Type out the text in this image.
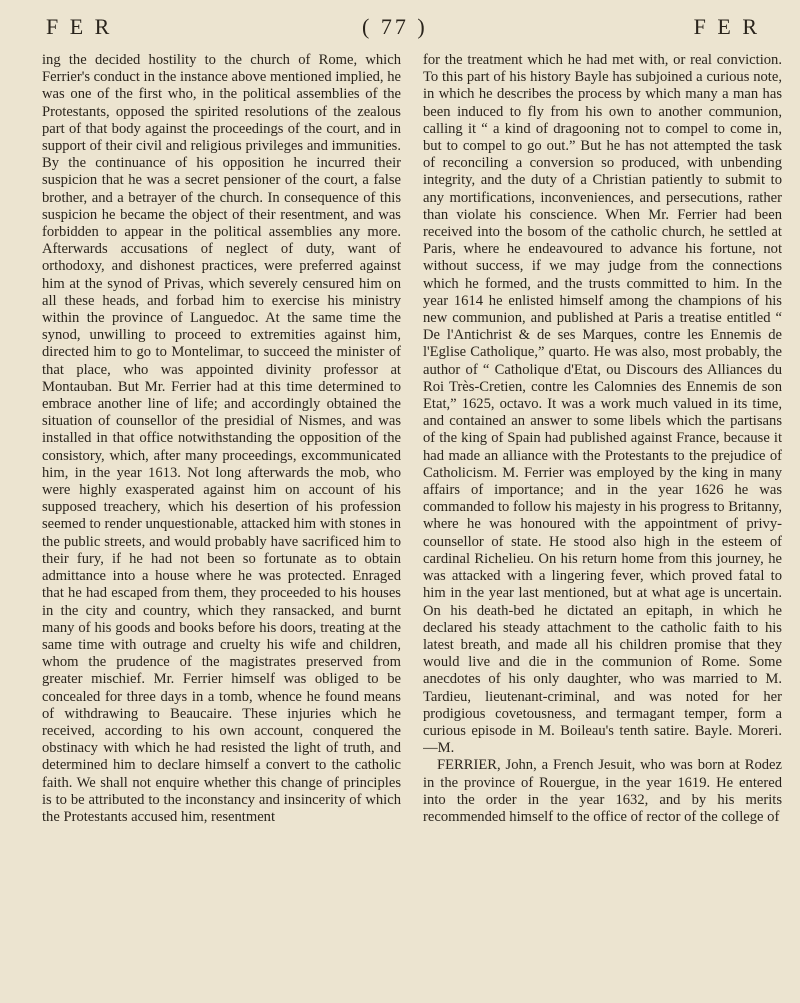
F E R	( 77 )	F E R

ing the decided hostility to the church of Rome, which Ferrier's conduct in the instance above mentioned implied, he was one of the first who, in the political assemblies of the Protestants, opposed the spirited resolutions of the zealous part of that body against the proceedings of the court, and in support of their civil and religious privileges and immunities. By the continuance of his opposition he incurred their suspicion that he was a secret pensioner of the court, a false brother, and a betrayer of the church. In consequence of this suspicion he became the object of their resentment, and was forbidden to appear in the political assemblies any more. Afterwards accusations of neglect of duty, want of orthodoxy, and dishonest practices, were preferred against him at the synod of Privas, which severely censured him on all these heads, and forbad him to exercise his ministry within the province of Languedoc. At the same time the synod, unwilling to proceed to extremities against him, directed him to go to Montelimar, to succeed the minister of that place, who was appointed divinity professor at Montauban. But Mr. Ferrier had at this time determined to embrace another line of life; and accordingly obtained the situation of counsellor of the presidial of Nismes, and was installed in that office notwithstanding the opposition of the consistory, which, after many proceedings, excommunicated him, in the year 1613. Not long afterwards the mob, who were highly exasperated against him on account of his supposed treachery, which his desertion of his profession seemed to render unquestionable, attacked him with stones in the public streets, and would probably have sacrificed him to their fury, if he had not been so fortunate as to obtain admittance into a house where he was protected. Enraged that he had escaped from them, they proceeded to his houses in the city and country, which they ransacked, and burnt many of his goods and books before his doors, treating at the same time with outrage and cruelty his wife and children, whom the prudence of the magistrates preserved from greater mischief. Mr. Ferrier himself was obliged to be concealed for three days in a tomb, whence he found means of withdrawing to Beaucaire. These injuries which he received, according to his own account, conquered the obstinacy with which he had resisted the light of truth, and determined him to declare himself a convert to the catholic faith. We shall not enquire whether this change of principles is to be attributed to the inconstancy and insincerity of which the Protestants accused him, resentment

for the treatment which he had met with, or real conviction. To this part of his history Bayle has subjoined a curious note, in which he describes the process by which many a man has been induced to fly from his own to another communion, calling it “ a kind of dragooning not to compel to come in, but to compel to go out.” But he has not attempted the task of reconciling a conversion so produced, with unbending integrity, and the duty of a Christian patiently to submit to any mortifications, inconveniences, and persecutions, rather than violate his conscience. When Mr. Ferrier had been received into the bosom of the catholic church, he settled at Paris, where he endeavoured to advance his fortune, not without success, if we may judge from the connections which he formed, and the trusts committed to him. In the year 1614 he enlisted himself among the champions of his new communion, and published at Paris a treatise entitled “ De l'Antichrist & de ses Marques, contre les Ennemis de l'Eglise Catholique,” quarto. He was also, most probably, the author of “ Catholique d'Etat, ou Discours des Alliances du Roi Très-Cretien, contre les Calomnies des Ennemis de son Etat,” 1625, octavo. It was a work much valued in its time, and contained an answer to some libels which the partisans of the king of Spain had published against France, because it had made an alliance with the Protestants to the prejudice of Catholicism. M. Ferrier was employed by the king in many affairs of importance; and in the year 1626 he was commanded to follow his majesty in his progress to Britanny, where he was honoured with the appointment of privy-counsellor of state. He stood also high in the esteem of cardinal Richelieu. On his return home from this journey, he was attacked with a lingering fever, which proved fatal to him in the year last mentioned, but at what age is uncertain. On his death-bed he dictated an epitaph, in which he declared his steady attachment to the catholic faith to his latest breath, and made all his children promise that they would live and die in the communion of Rome. Some anecdotes of his only daughter, who was married to M. Tardieu, lieutenant-criminal, and was noted for her prodigious covetousness, and termagant temper, form a curious episode in M. Boileau's tenth satire. Bayle. Moreri.—M.

FERRIER, John, a French Jesuit, who was born at Rodez in the province of Rouergue, in the year 1619. He entered into the order in the year 1632, and by his merits recommended himself to the office of rector of the college of
